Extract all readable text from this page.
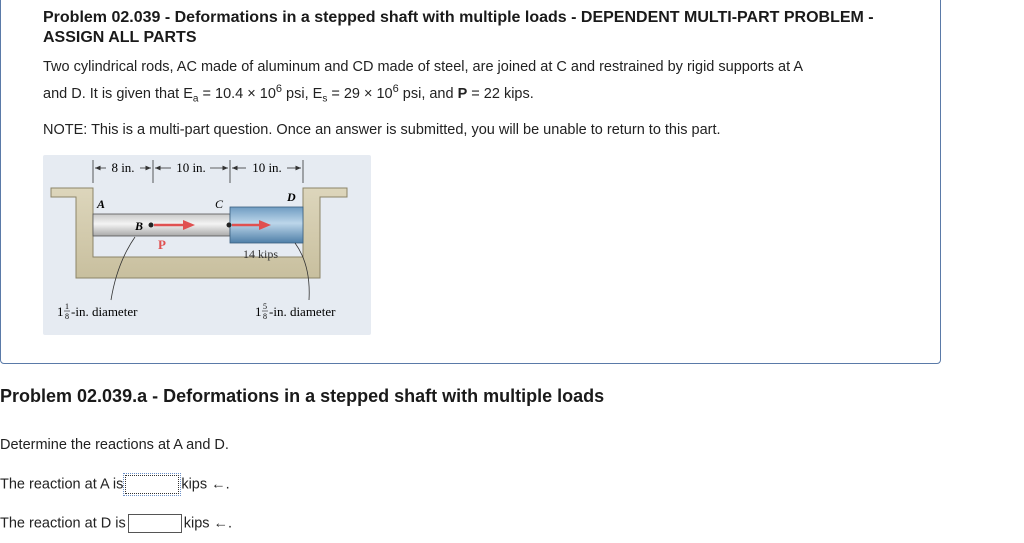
Problem 02.039 - Deformations in a stepped shaft with multiple loads - DEPENDENT MULTI-PART PROBLEM - ASSIGN ALL PARTS
Two cylindrical rods, AC made of aluminum and CD made of steel, are joined at C and restrained by rigid supports at A
and D. It is given that $E_a = 10.4 \times 10^6$ psi, $E_s = 29 \times 10^6$ psi, and P = 22 kips.
NOTE: This is a multi-part question. Once an answer is submitted, you will be unable to return to this part.
8 in.	10 in.	10 in.
A
B
C	D
P
14 kips
1 1
8 -in. diameter	1 5
8 -in. diameter
Problem 02.039.a - Deformations in a stepped shaft with multiple loads
Determine the reactions at A and D.
The reaction at A is	kips ←.
The reaction at D is	kips ←.
